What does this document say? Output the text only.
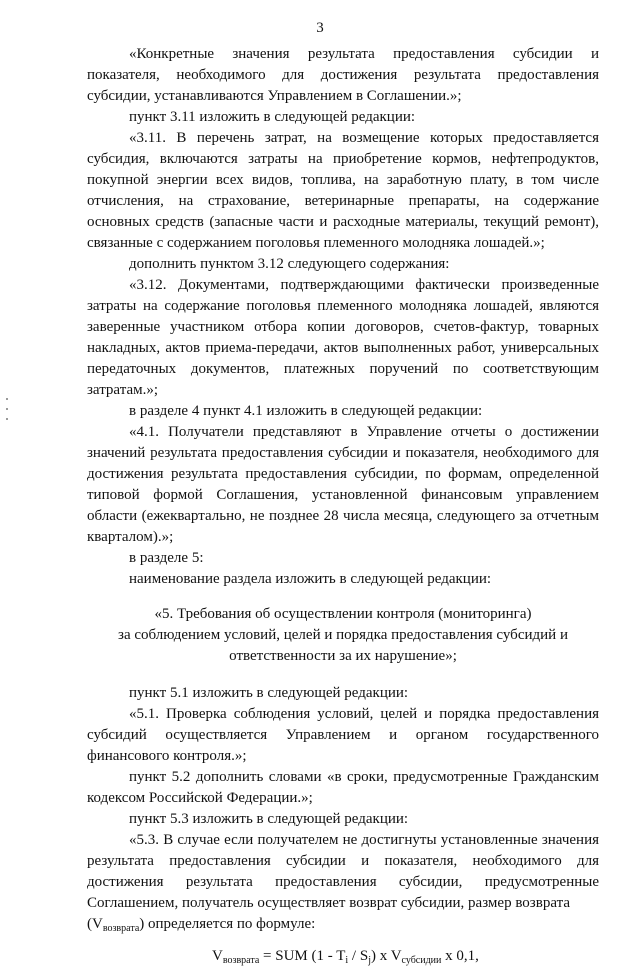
3

«Конкретные значения результата предоставления субсидии и показателя, необходимого для достижения результата предоставления субсидии, устанавливаются Управлением в Соглашении.»;

пункт 3.11 изложить в следующей редакции:

«3.11. В перечень затрат, на возмещение которых предоставляется субсидия, включаются затраты на приобретение кормов, нефтепродуктов, покупной энергии всех видов, топлива, на заработную плату, в том числе отчисления, на страхование, ветеринарные препараты, на содержание основных средств (запасные части и расходные материалы, текущий ремонт), связанные с содержанием поголовья племенного молодняка лошадей.»;

дополнить пунктом 3.12 следующего содержания:

«3.12. Документами, подтверждающими фактически произведенные затраты на содержание поголовья племенного молодняка лошадей, являются заверенные участником отбора копии договоров, счетов-фактур, товарных накладных, актов приема-передачи, актов выполненных работ, универсальных передаточных документов, платежных поручений по соответствующим затратам.»;

в разделе 4 пункт 4.1 изложить в следующей редакции:

«4.1. Получатели представляют в Управление отчеты о достижении значений результата предоставления субсидии и показателя, необходимого для достижения результата предоставления субсидии, по формам, определенной типовой формой Соглашения, установленной финансовым управлением области (ежеквартально, не позднее 28 числа месяца, следующего за отчетным кварталом).»;

в разделе 5:

наименование раздела изложить в следующей редакции:

«5. Требования об осуществлении контроля (мониторинга)
за соблюдением условий, целей и порядка предоставления субсидий и
ответственности за их нарушение»;

пункт 5.1 изложить в следующей редакции:

«5.1. Проверка соблюдения условий, целей и порядка предоставления субсидий осуществляется Управлением и органом государственного финансового контроля.»;

пункт 5.2 дополнить словами «в сроки, предусмотренные Гражданским кодексом Российской Федерации.»;

пункт 5.3 изложить в следующей редакции:

«5.3. В случае если получателем не достигнуты установленные значения результата предоставления субсидии и показателя, необходимого для достижения результата предоставления субсидии, предусмотренные Соглашением, получатель осуществляет возврат субсидии, размер возврата

$(V_{возврата})$ определяется по формуле:

$V_{возврата}$ = SUM $(1 - T_i / S_j)$ x $V_{субсидии}$ x 0,1,
